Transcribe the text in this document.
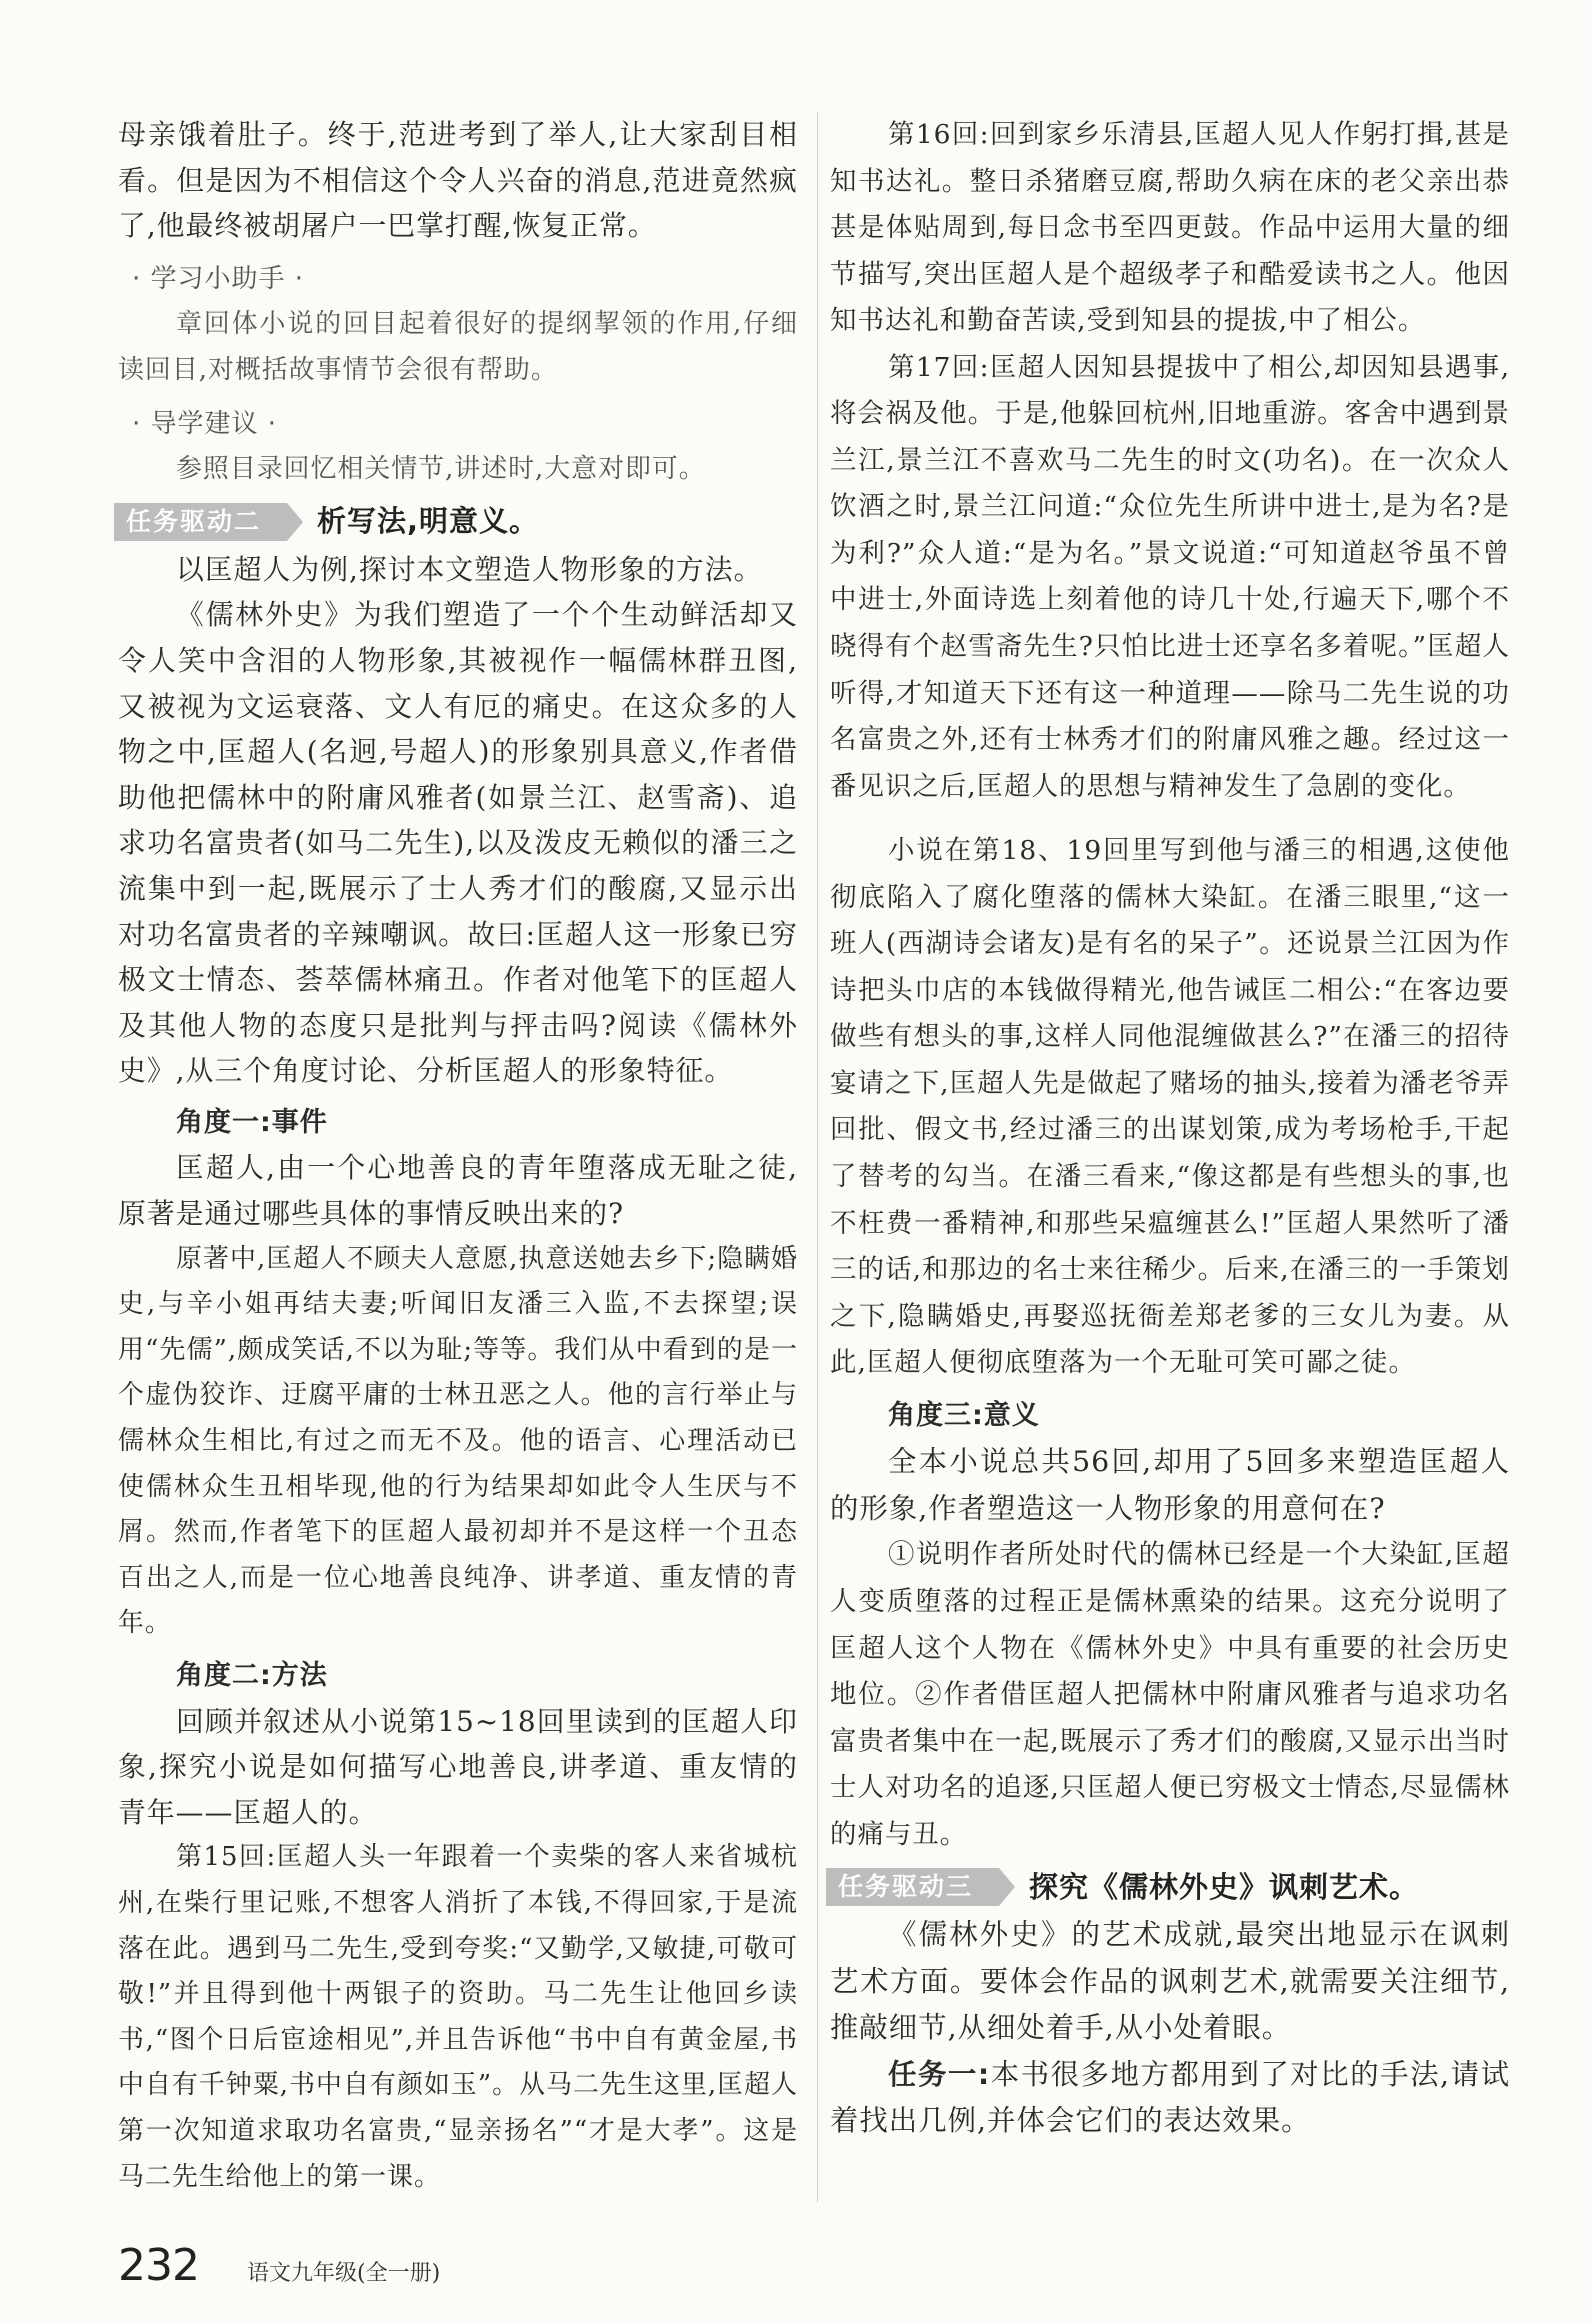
母亲饿着肚子。终于,范进考到了举人,让大家刮目相看。但是因为不相信这个令人兴奋的消息,范进竟然疯了,他最终被胡屠户一巴掌打醒,恢复正常。

· 学习小助手 ·

章回体小说的回目起着很好的提纲挈领的作用,仔细读回目,对概括故事情节会很有帮助。

· 导学建议 ·

参照目录回忆相关情节,讲述时,大意对即可。

任务驱动二	析写法,明意义。

以匡超人为例,探讨本文塑造人物形象的方法。

《儒林外史》为我们塑造了一个个生动鲜活却又令人笑中含泪的人物形象,其被视作一幅儒林群丑图,又被视为文运衰落、文人有厄的痛史。在这众多的人物之中,匡超人(名迥,号超人)的形象别具意义,作者借助他把儒林中的附庸风雅者(如景兰江、赵雪斋)、追求功名富贵者(如马二先生),以及泼皮无赖似的潘三之流集中到一起,既展示了士人秀才们的酸腐,又显示出对功名富贵者的辛辣嘲讽。故曰:匡超人这一形象已穷极文士情态、荟萃儒林痛丑。作者对他笔下的匡超人及其他人物的态度只是批判与抨击吗?阅读《儒林外史》,从三个角度讨论、分析匡超人的形象特征。

角度一:事件

匡超人,由一个心地善良的青年堕落成无耻之徒,原著是通过哪些具体的事情反映出来的?

原著中,匡超人不顾夫人意愿,执意送她去乡下;隐瞒婚史,与辛小姐再结夫妻;听闻旧友潘三入监,不去探望;误用“先儒”,颇成笑话,不以为耻;等等。我们从中看到的是一个虚伪狡诈、迂腐平庸的士林丑恶之人。他的言行举止与儒林众生相比,有过之而无不及。他的语言、心理活动已使儒林众生丑相毕现,他的行为结果却如此令人生厌与不屑。然而,作者笔下的匡超人最初却并不是这样一个丑态百出之人,而是一位心地善良纯净、讲孝道、重友情的青年。

角度二:方法

回顾并叙述从小说第15~18回里读到的匡超人印象,探究小说是如何描写心地善良,讲孝道、重友情的青年——匡超人的。

第15回:匡超人头一年跟着一个卖柴的客人来省城杭州,在柴行里记账,不想客人消折了本钱,不得回家,于是流落在此。遇到马二先生,受到夸奖:“又勤学,又敏捷,可敬可敬!”并且得到他十两银子的资助。马二先生让他回乡读书,“图个日后宦途相见”,并且告诉他“书中自有黄金屋,书中自有千钟粟,书中自有颜如玉”。从马二先生这里,匡超人第一次知道求取功名富贵,“显亲扬名”“才是大孝”。这是马二先生给他上的第一课。

第16回:回到家乡乐清县,匡超人见人作躬打揖,甚是知书达礼。整日杀猪磨豆腐,帮助久病在床的老父亲出恭甚是体贴周到,每日念书至四更鼓。作品中运用大量的细节描写,突出匡超人是个超级孝子和酷爱读书之人。他因知书达礼和勤奋苦读,受到知县的提拔,中了相公。

第17回:匡超人因知县提拔中了相公,却因知县遇事,将会祸及他。于是,他躲回杭州,旧地重游。客舍中遇到景兰江,景兰江不喜欢马二先生的时文(功名)。在一次众人饮酒之时,景兰江问道:“众位先生所讲中进士,是为名?是为利?”众人道:“是为名。”景文说道:“可知道赵爷虽不曾中进士,外面诗选上刻着他的诗几十处,行遍天下,哪个不晓得有个赵雪斋先生?只怕比进士还享名多着呢。”匡超人听得,才知道天下还有这一种道理——除马二先生说的功名富贵之外,还有士林秀才们的附庸风雅之趣。经过这一番见识之后,匡超人的思想与精神发生了急剧的变化。

小说在第18、19回里写到他与潘三的相遇,这使他彻底陷入了腐化堕落的儒林大染缸。在潘三眼里,“这一班人(西湖诗会诸友)是有名的呆子”。还说景兰江因为作诗把头巾店的本钱做得精光,他告诫匡二相公:“在客边要做些有想头的事,这样人同他混缠做甚么?”在潘三的招待宴请之下,匡超人先是做起了赌场的抽头,接着为潘老爷弄回批、假文书,经过潘三的出谋划策,成为考场枪手,干起了替考的勾当。在潘三看来,“像这都是有些想头的事,也不枉费一番精神,和那些呆瘟缠甚么!”匡超人果然听了潘三的话,和那边的名士来往稀少。后来,在潘三的一手策划之下,隐瞒婚史,再娶巡抚衙差郑老爹的三女儿为妻。从此,匡超人便彻底堕落为一个无耻可笑可鄙之徒。

角度三:意义

全本小说总共56回,却用了5回多来塑造匡超人的形象,作者塑造这一人物形象的用意何在?

①说明作者所处时代的儒林已经是一个大染缸,匡超人变质堕落的过程正是儒林熏染的结果。这充分说明了匡超人这个人物在《儒林外史》中具有重要的社会历史地位。②作者借匡超人把儒林中附庸风雅者与追求功名富贵者集中在一起,既展示了秀才们的酸腐,又显示出当时士人对功名的追逐,只匡超人便已穷极文士情态,尽显儒林的痛与丑。

任务驱动三	探究《儒林外史》讽刺艺术。

《儒林外史》的艺术成就,最突出地显示在讽刺艺术方面。要体会作品的讽刺艺术,就需要关注细节,推敲细节,从细处着手,从小处着眼。

任务一:本书很多地方都用到了对比的手法,请试着找出几例,并体会它们的表达效果。

232 语文九年级(全一册)
